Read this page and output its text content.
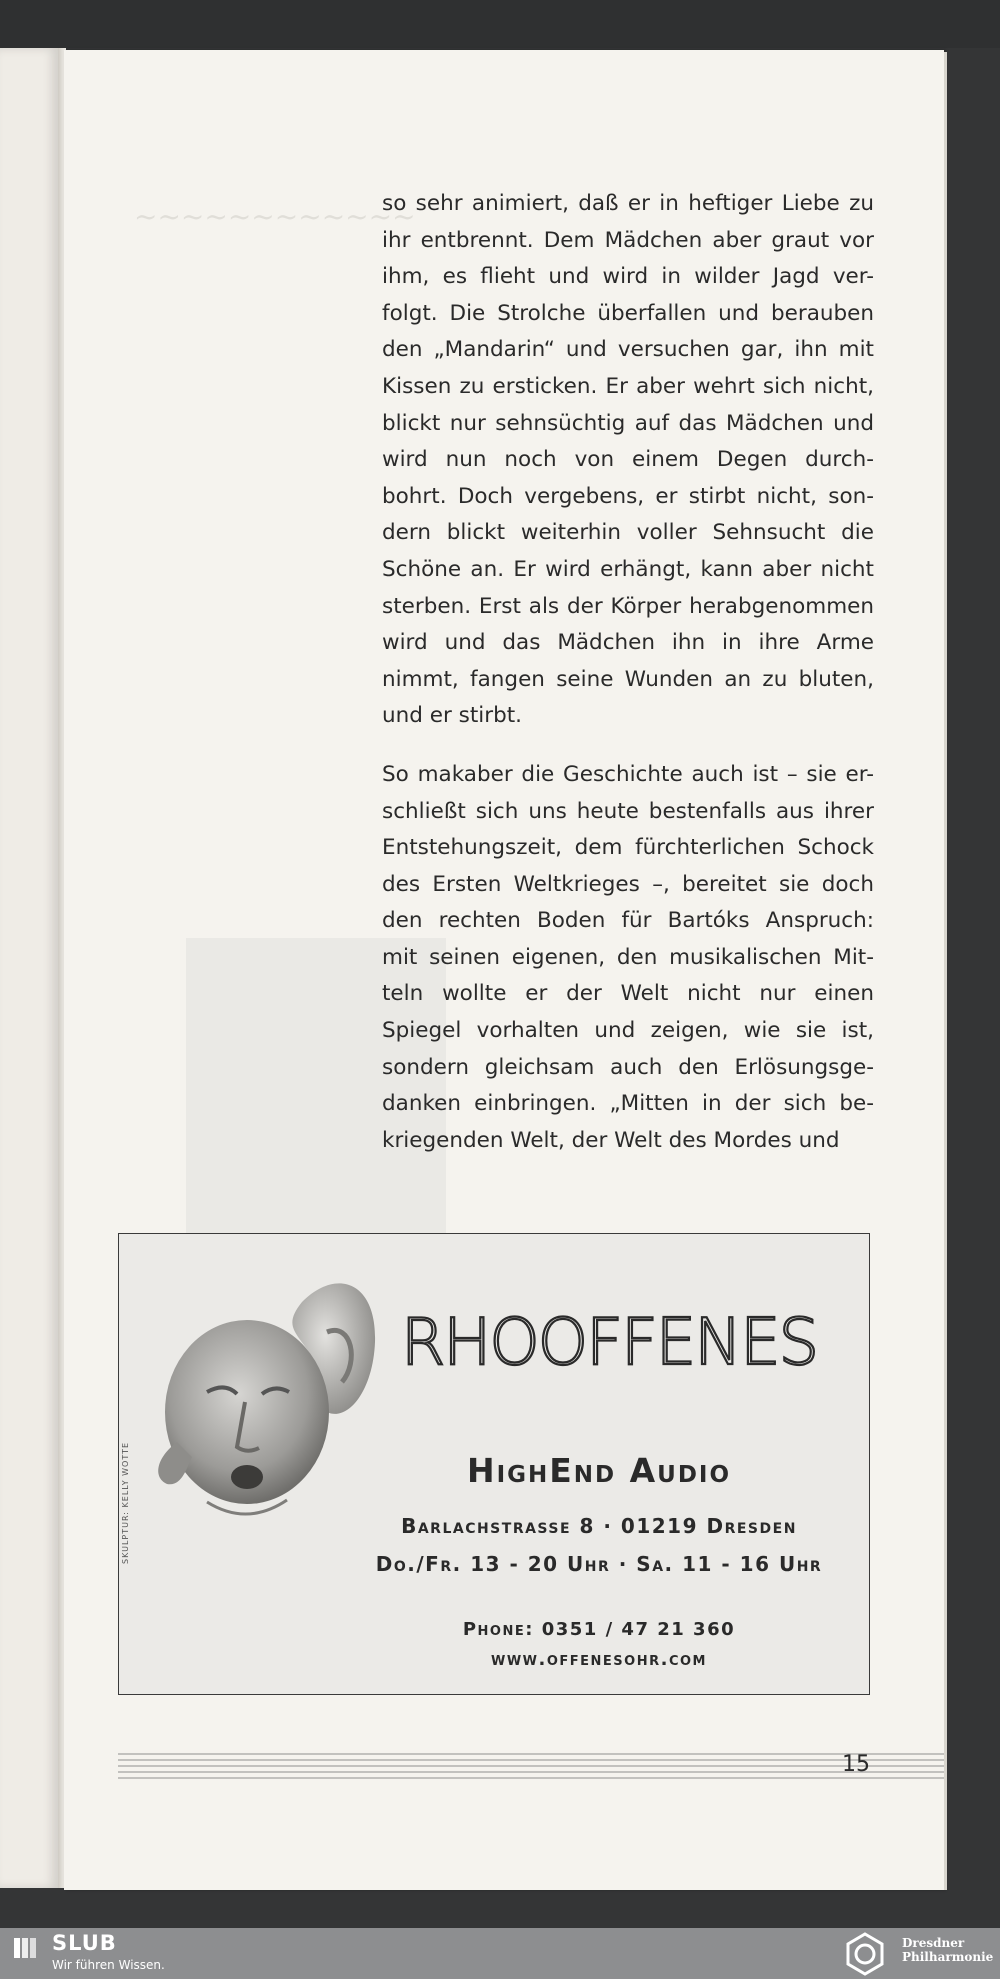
~~~~~~~~~~~~

so sehr animiert, daß er in heftiger Liebe zu
ihr entbrennt. Dem Mädchen aber graut vor
ihm, es flieht und wird in wilder Jagd ver-
folgt. Die Strolche überfallen und berauben
den „Mandarin“ und versuchen gar, ihn mit
Kissen zu ersticken. Er aber wehrt sich nicht,
blickt nur sehnsüchtig auf das Mädchen und
wird nun noch von einem Degen durch-
bohrt. Doch vergebens, er stirbt nicht, son-
dern blickt weiterhin voller Sehnsucht die
Schöne an. Er wird erhängt, kann aber nicht
sterben. Erst als der Körper herabgenommen
wird und das Mädchen ihn in ihre Arme
nimmt, fangen seine Wunden an zu bluten,
und er stirbt.

So makaber die Geschichte auch ist – sie er-
schließt sich uns heute bestenfalls aus ihrer
Entstehungszeit, dem fürchterlichen Schock
des Ersten Weltkrieges –, bereitet sie doch
den rechten Boden für Bartóks Anspruch:
mit seinen eigenen, den musikalischen Mit-
teln wollte er der Welt nicht nur einen
Spiegel vorhalten und zeigen, wie sie ist,
sondern gleichsam auch den Erlösungsge-
danken einbringen. „Mitten in der sich be-
kriegenden Welt, der Welt des Mordes und

SKULPTUR: KELLY WOTTE
RHOOFFENES
HighEnd Audio
Barlachstrasse 8 · 01219 Dresden
Do./Fr. 13 - 20 Uhr · Sa. 11 - 16 Uhr
Phone: 0351 / 47 21 360
www.offenesohr.com
15
SLUB
Wir führen Wissen.
Dresdner
Philharmonie
